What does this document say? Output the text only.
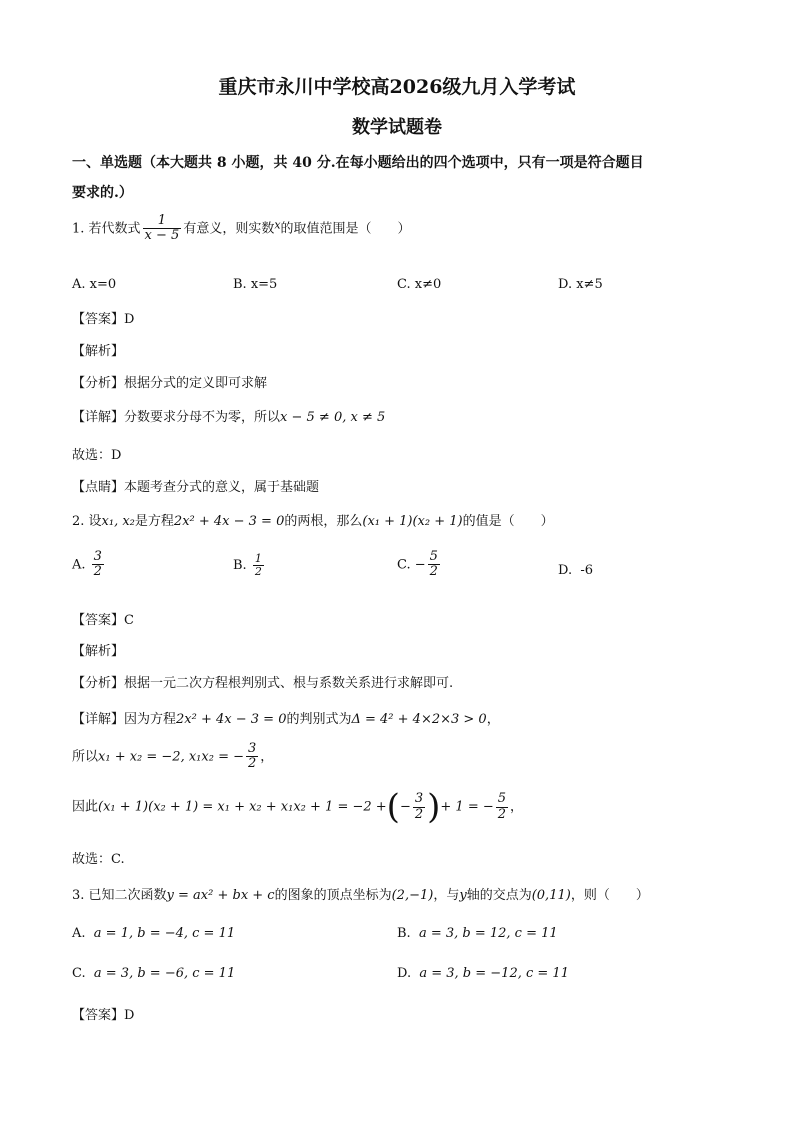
重庆市永川中学校高2026级九月入学考试
数学试题卷
一、单选题（本大题共 8 小题，共 40 分.在每小题给出的四个选项中，只有一项是符合题目
要求的.）
1. 若代数式 $\frac{1}{x - 5}$ 有意义，则实数$^x$的取值范围是（　　）
A. x=0	B. x=5	C. x≠0	D. x≠5
【答案】D
【解析】
【分析】根据分式的定义即可求解
【详解】分数要求分母不为零，所以x − 5 ≠ 0, x ≠ 5
故选：D
【点睛】本题考查分式的意义，属于基础题
2. 设x₁, x₂是方程2x² + 4x − 3 = 0的两根，那么(x₁ + 1)(x₂ + 1)的值是（　　）
A. $\frac{3}{2}$	B. $\frac{1}{2}$	C. − $\frac{5}{2}$	D. -6
【答案】C
【解析】
【分析】根据一元二次方程根判别式、根与系数关系进行求解即可.
【详解】因为方程2x² + 4x − 3 = 0的判别式为Δ = 4² + 4×2×3 > 0，
所以x₁ + x₂ = −2, x₁x₂ = − $\frac{3}{2}$ ，
因此(x₁ + 1)(x₂ + 1) = x₁ + x₂ + x₁x₂ + 1 = −2 +(− $\frac{3}{2}$ )+ 1 = − $\frac{5}{2}$ ，
故选：C.
3. 已知二次函数y = ax² + bx + c的图象的顶点坐标为(2,−1)，与y轴的交点为(0,11)，则（　　）
A. a = 1, b = −4, c = 11	B. a = 3, b = 12, c = 11
C. a = 3, b = −6, c = 11	D. a = 3, b = −12, c = 11
【答案】D
